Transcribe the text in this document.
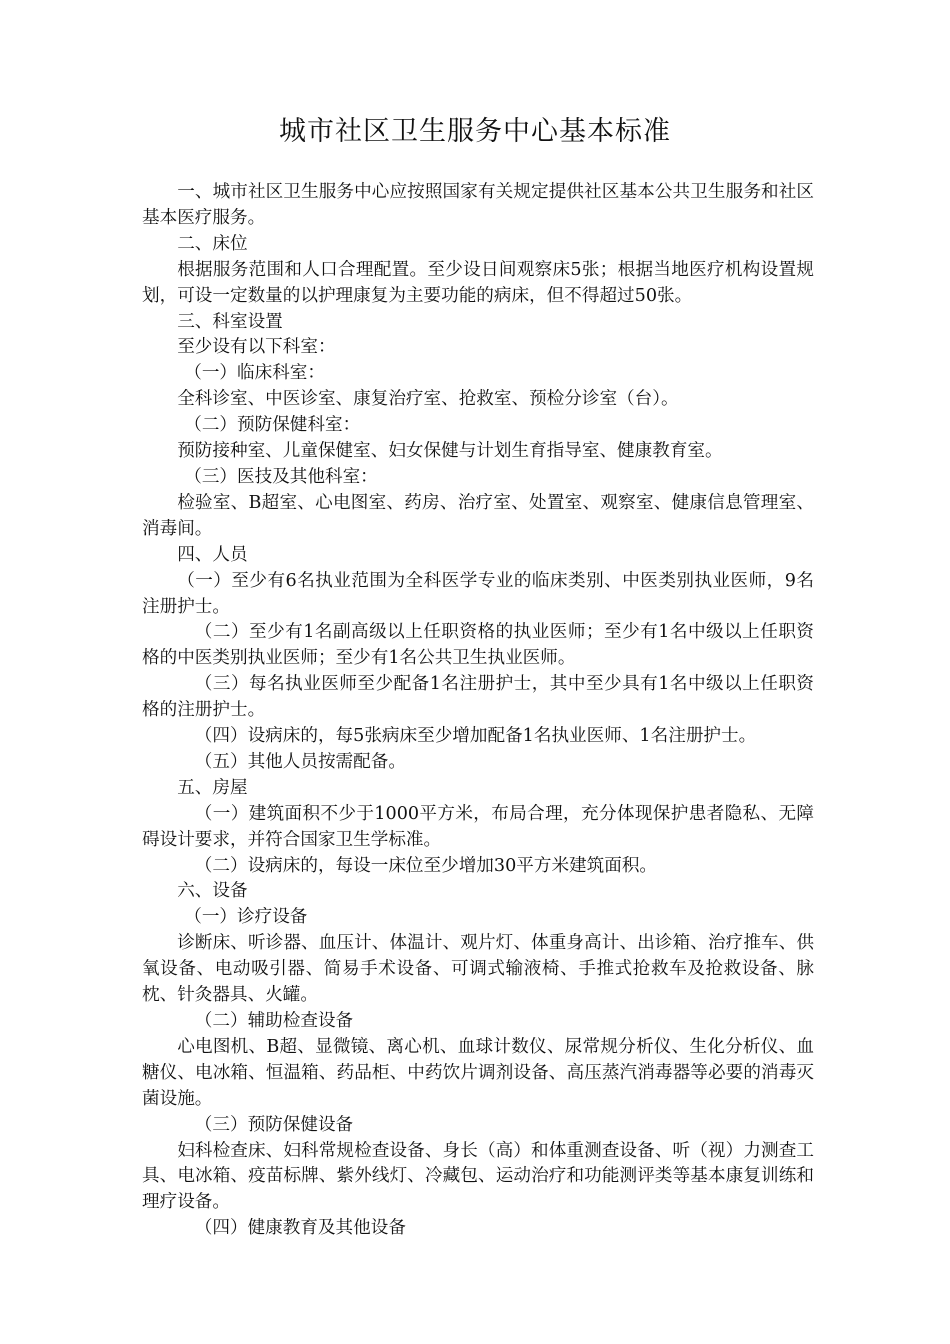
城市社区卫生服务中心基本标准

一、城市社区卫生服务中心应按照国家有关规定提供社区基本公共卫生服务和社区基本医疗服务。

二、床位

根据服务范围和人口合理配置。至少设日间观察床5张；根据当地医疗机构设置规划，可设一定数量的以护理康复为主要功能的病床，但不得超过50张。

三、科室设置

至少设有以下科室：

（一）临床科室：

全科诊室、中医诊室、康复治疗室、抢救室、预检分诊室（台）。

（二）预防保健科室：

预防接种室、儿童保健室、妇女保健与计划生育指导室、健康教育室。

（三）医技及其他科室：

检验室、B超室、心电图室、药房、治疗室、处置室、观察室、健康信息管理室、消毒间。

四、人员

（一）至少有6名执业范围为全科医学专业的临床类别、中医类别执业医师，9名注册护士。

（二）至少有1名副高级以上任职资格的执业医师；至少有1名中级以上任职资格的中医类别执业医师；至少有1名公共卫生执业医师。

（三）每名执业医师至少配备1名注册护士，其中至少具有1名中级以上任职资格的注册护士。

（四）设病床的，每5张病床至少增加配备1名执业医师、1名注册护士。

（五）其他人员按需配备。

五、房屋

（一）建筑面积不少于1000平方米，布局合理，充分体现保护患者隐私、无障碍设计要求，并符合国家卫生学标准。

（二）设病床的，每设一床位至少增加30平方米建筑面积。

六、设备

（一）诊疗设备

诊断床、听诊器、血压计、体温计、观片灯、体重身高计、出诊箱、治疗推车、供氧设备、电动吸引器、简易手术设备、可调式输液椅、手推式抢救车及抢救设备、脉枕、针灸器具、火罐。

（二）辅助检查设备

心电图机、B超、显微镜、离心机、血球计数仪、尿常规分析仪、生化分析仪、血糖仪、电冰箱、恒温箱、药品柜、中药饮片调剂设备、高压蒸汽消毒器等必要的消毒灭菌设施。

（三）预防保健设备

妇科检查床、妇科常规检查设备、身长（高）和体重测查设备、听（视）力测查工具、电冰箱、疫苗标牌、紫外线灯、冷藏包、运动治疗和功能测评类等基本康复训练和理疗设备。

（四）健康教育及其他设备
